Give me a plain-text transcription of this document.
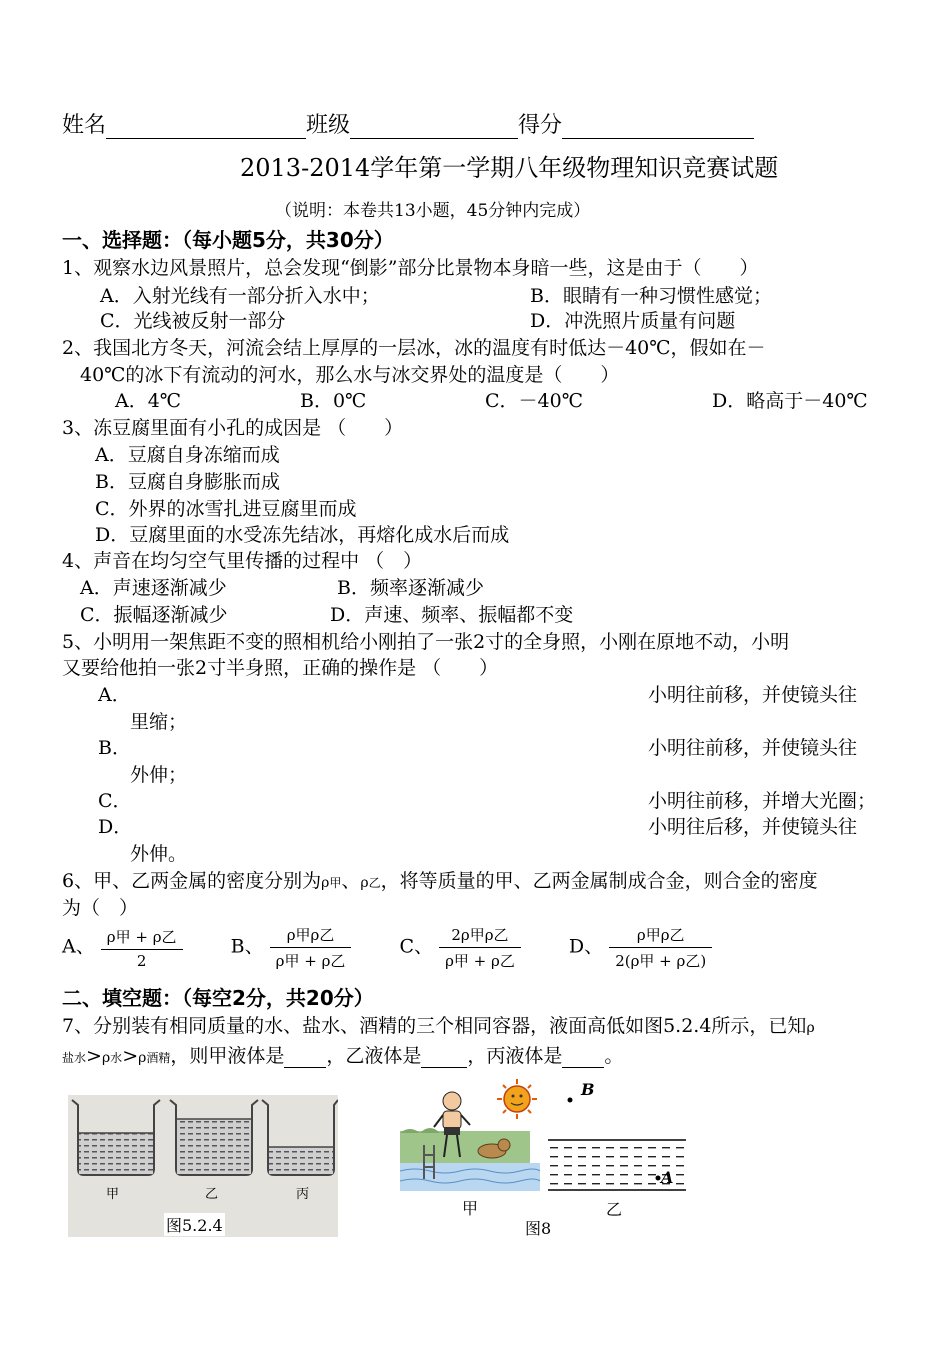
姓名	班级	得分
2013-2014学年第一学期八年级物理知识竞赛试题
（说明：本卷共13小题，45分钟内完成）
一、选择题：（每小题5分，共30分）
1、观察水边风景照片，总会发现“倒影”部分比景物本身暗一些，这是由于（　　）
A．入射光线有一部分折入水中；	B．眼睛有一种习惯性感觉；
C．光线被反射一部分	D．冲洗照片质量有问题
2、我国北方冬天，河流会结上厚厚的一层冰，冰的温度有时低达－40℃，假如在－
40℃的冰下有流动的河水，那么水与冰交界处的温度是（　　）
A．4℃	B．0℃	C．－40℃	D．略高于－40℃
3、冻豆腐里面有小孔的成因是 （　　）
A．豆腐自身冻缩而成
B．豆腐自身膨胀而成
C．外界的冰雪扎进豆腐里而成
D．豆腐里面的水受冻先结冰，再熔化成水后而成
4、声音在均匀空气里传播的过程中 （　）
A．声速逐渐减少	B．频率逐渐减少
C．振幅逐渐减少	D．声速、频率、振幅都不变
5、小明用一架焦距不变的照相机给小刚拍了一张2寸的全身照，小刚在原地不动，小明
又要给他拍一张2寸半身照，正确的操作是 （　　）
A．	小明往前移，并使镜头往
里缩；
B．	小明往前移，并使镜头往
外伸；
C．	小明往前移，并增大光圈；
D．	小明往后移，并使镜头往
外伸。
6、甲、乙两金属的密度分别为ρ甲、ρ乙，将等质量的甲、乙两金属制成合金，则合金的密度
为（　）
A、 $\frac{\text{ρ甲 + ρ乙}}{2}$	B、 $\frac{\text{ρ甲ρ乙}}{\text{ρ甲 + ρ乙}}$	C、 $\frac{\text{2ρ甲ρ乙}}{\text{ρ甲 + ρ乙}}$	D、 $\frac{\text{ρ甲ρ乙}}{\text{2(ρ甲 + ρ乙)}}$
二、填空题：（每空2分，共20分）
7、分别装有相同质量的水、盐水、酒精的三个相同容器，液面高低如图5.2.4所示，已知ρ
盐水>ρ水>ρ酒精，则甲液体是 ，乙液体是 ，丙液体是 。
甲	乙	丙
图5.2.4
甲
图8
B
A
乙
